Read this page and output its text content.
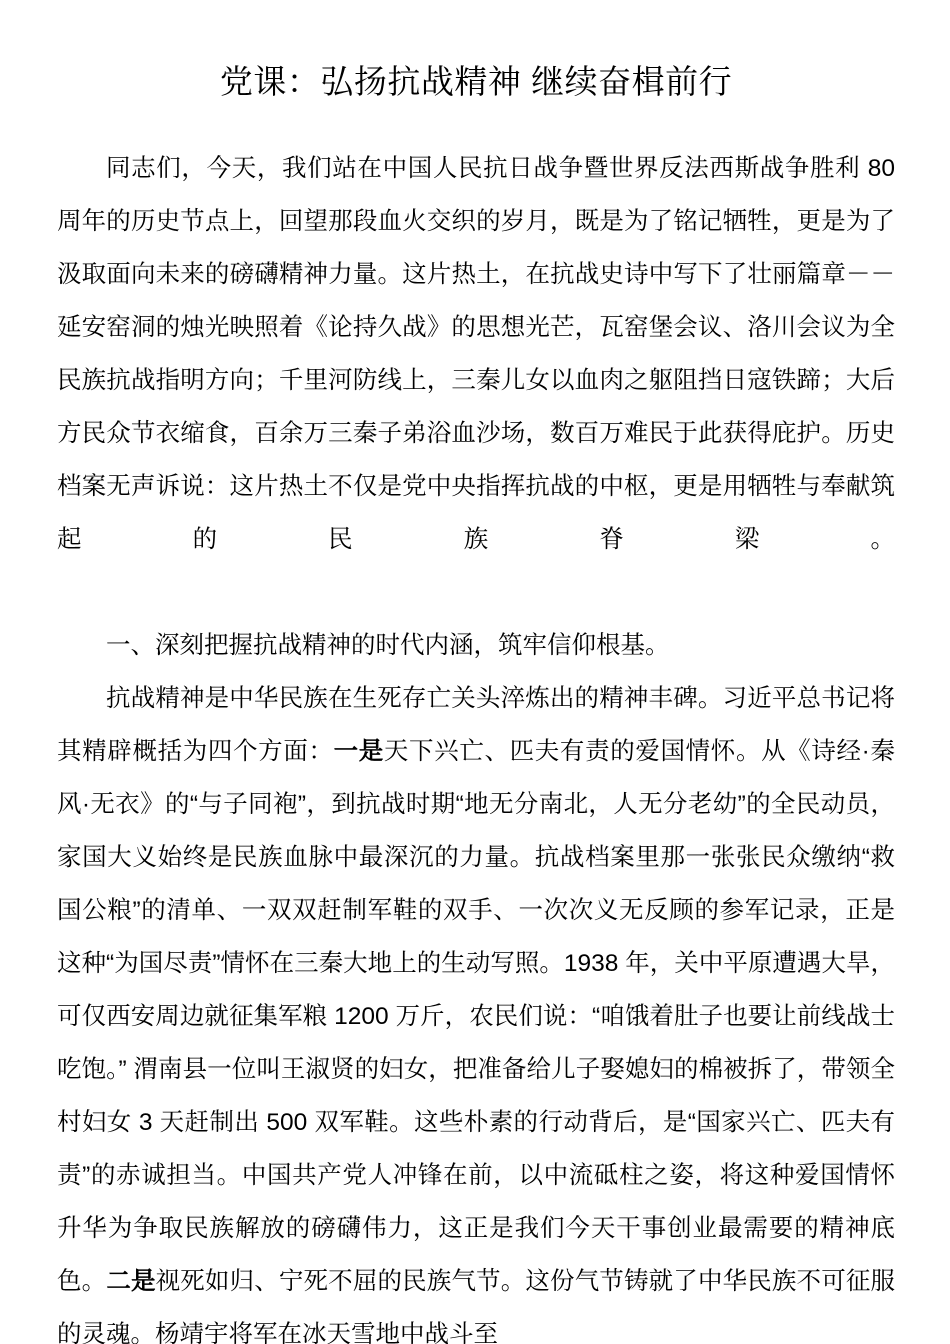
党课：弘扬抗战精神 继续奋楫前行

同志们，今天，我们站在中国人民抗日战争暨世界反法西斯战争胜利 80 周年的历史节点上，回望那段血火交织的岁月，既是为了铭记牺牲，更是为了汲取面向未来的磅礴精神力量。这片热土，在抗战史诗中写下了壮丽篇章－－延安窑洞的烛光映照着《论持久战》的思想光芒，瓦窑堡会议、洛川会议为全民族抗战指明方向；千里河防线上，三秦儿女以血肉之躯阻挡日寇铁蹄；大后方民众节衣缩食，百余万三秦子弟浴血沙场，数百万难民于此获得庇护。历史档案无声诉说：这片热土不仅是党中央指挥抗战的中枢，更是用牺牲与奉献筑起的民族脊梁。

一、深刻把握抗战精神的时代内涵，筑牢信仰根基。

抗战精神是中华民族在生死存亡关头淬炼出的精神丰碑。习近平总书记将其精辟概括为四个方面：一是天下兴亡、匹夫有责的爱国情怀。从《诗经·秦风·无衣》的“与子同袍”，到抗战时期“地无分南北，人无分老幼”的全民动员，家国大义始终是民族血脉中最深沉的力量。抗战档案里那一张张民众缴纳“救国公粮”的清单、一双双赶制军鞋的双手、一次次义无反顾的参军记录，正是这种“为国尽责”情怀在三秦大地上的生动写照。1938 年，关中平原遭遇大旱，可仅西安周边就征集军粮 1200 万斤，农民们说：“咱饿着肚子也要让前线战士吃饱。” 渭南县一位叫王淑贤的妇女，把准备给儿子娶媳妇的棉被拆了，带领全村妇女 3 天赶制出 500 双军鞋。这些朴素的行动背后，是“国家兴亡、匹夫有责”的赤诚担当。中国共产党人冲锋在前，以中流砥柱之姿，将这种爱国情怀升华为争取民族解放的磅礴伟力，这正是我们今天干事创业最需要的精神底色。二是视死如归、宁死不屈的民族气节。这份气节铸就了中华民族不可征服的灵魂。杨靖宇将军在冰天雪地中战斗至
